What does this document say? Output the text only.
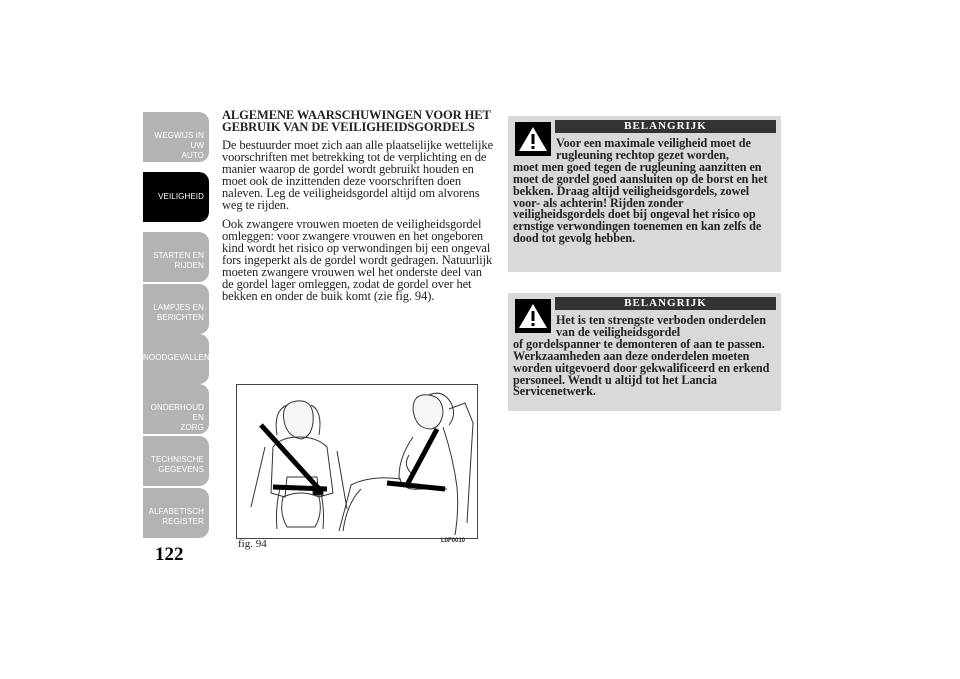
WEGWIJS IN UW
AUTO
VEILIGHEID
STARTEN EN
RIJDEN
LAMPJES EN
BERICHTEN
NOODGEVALLEN
ONDERHOUD EN
ZORG
TECHNISCHE
GEGEVENS
ALFABETISCH
REGISTER
122
ALGEMENE WAARSCHUWINGEN VOOR HET GEBRUIK VAN DE VEILIGHEIDSGORDELS

De bestuurder moet zich aan alle plaatselijke wettelijke voorschriften met betrekking tot de verplichting en de manier waarop de gordel wordt gebruikt houden en moet ook de inzittenden deze voorschriften doen naleven. Leg de veiligheidsgordel altijd om alvorens weg te rijden.

Ook zwangere vrouwen moeten de veiligheidsgordel omleggen: voor zwangere vrouwen en het ongeboren kind wordt het risico op verwondingen bij een ongeval fors ingeperkt als de gordel wordt gedragen. Natuurlijk moeten zwangere vrouwen wel het onderste deel van de gordel lager omleggen, zodat de gordel over het bekken en onder de buik komt (zie fig. 94).

fig. 94	L0F0010
BELANGRIJK
Voor een maximale veiligheid moet de rugleuning rechtop gezet worden,
moet men goed tegen de rugleuning aanzitten en moet de gordel goed aansluiten op de borst en het bekken. Draag altijd veiligheidsgordels, zowel voor- als achterin! Rijden zonder veiligheidsgordels doet bij ongeval het risico op ernstige verwondingen toenemen en kan zelfs de dood tot gevolg hebben.
BELANGRIJK
Het is ten strengste verboden onderdelen van de veiligheidsgordel
of gordelspanner te demonteren of aan te passen. Werkzaamheden aan deze onderdelen moeten worden uitgevoerd door gekwalificeerd en erkend personeel. Wendt u altijd tot het Lancia Servicenetwerk.
